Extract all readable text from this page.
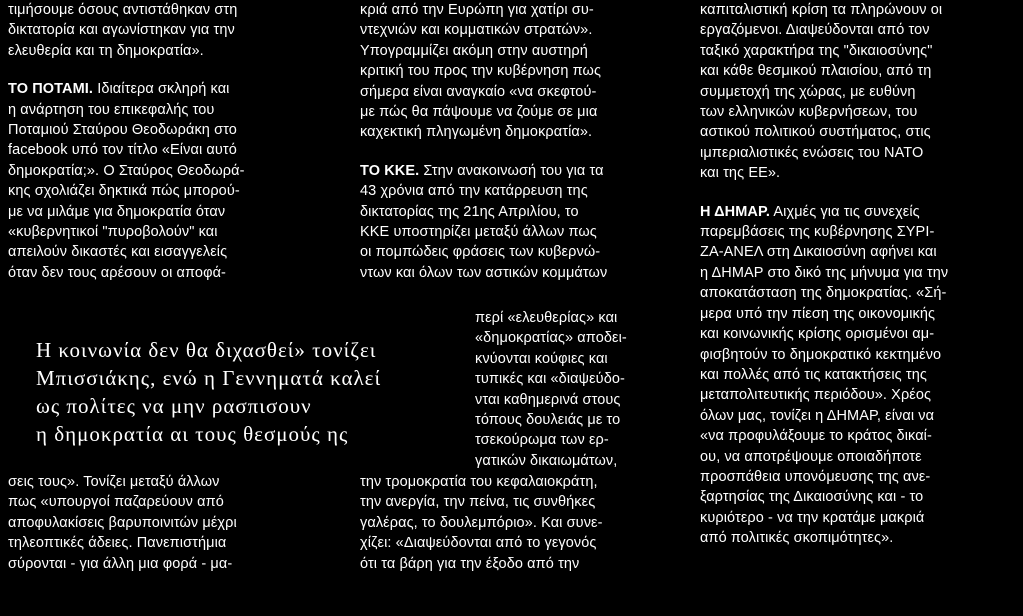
τιμήσουμε όσους αντιστάθηκαν στη
δικτατορία και αγωνίστηκαν για την
ελευθερία και τη δημοκρατία».
ΤΟ ΠΟΤΑΜΙ. Ιδιαίτερα σκληρή και
η ανάρτηση του επικεφαλής του
Ποταμιού Σταύρου Θεοδωράκη στο
facebook υπό τον τίτλο «Είναι αυτό
δημοκρατία;». Ο Σταύρος Θεοδωρά-
κης σχολιάζει δηκτικά πώς μπορού-
με να μιλάμε για δημοκρατία όταν
«κυβερνητικοί "πυροβολούν" και
απειλούν δικαστές και εισαγγελείς
όταν δεν τους αρέσουν οι αποφά-
σεις τους». Τονίζει μεταξύ άλλων
πως «υπουργοί παζαρεύουν από
αποφυλακίσεις βαρυποινιτών μέχρι
τηλεοπτικές άδειες. Πανεπιστήμια
σύρονται - για άλλη μια φορά - μα-
Η κοινωνία δεν θα διχασθεί» τονίζει
Μπισσιάκης, ενώ η Γεννηματά καλεί
ως πολίτες να μην ρασπισουν
η δημοκρατία αι τους θεσμούς ης
κριά από την Ευρώπη για χατίρι συ-
ντεχνιών και κομματικών στρατών».
Υπογραμμίζει ακόμη στην αυστηρή
κριτική του προς την κυβέρνηση πως
σήμερα είναι αναγκαίο «να σκεφτού-
με πώς θα πάψουμε να ζούμε σε μια
καχεκτική πληγωμένη δημοκρατία».
ΤΟ ΚΚΕ. Στην ανακοινωσή του για τα
43 χρόνια από την κατάρρευση της
δικτατορίας της 21ης Απριλίου, το
ΚΚΕ υποστηρίζει μεταξύ άλλων πως
οι πομπώδεις φράσεις των κυβερνώ-
ντων και όλων των αστικών κομμάτων
περί «ελευθερίας» και
«δημοκρατίας» αποδει-
κνύονται κούφιες και
τυπικές και «διαψεύδο-
νται καθημερινά στους
τόπους δουλειάς με το
τσεκούρωμα των ερ-
γατικών δικαιωμάτων,
την τρομοκρατία του κεφαλαιοκράτη,
την ανεργία, την πείνα, τις συνθήκες
γαλέρας, το δουλεμπόριο». Και συνε-
χίζει: «Διαψεύδονται από το γεγονός
ότι τα βάρη για την έξοδο από την
καπιταλιστική κρίση τα πληρώνουν οι
εργαζόμενοι. Διαψεύδονται από τον
ταξικό χαρακτήρα της "δικαιοσύνης"
και κάθε θεσμικού πλαισίου, από τη
συμμετοχή της χώρας, με ευθύνη
των ελληνικών κυβερνήσεων, του
αστικού πολιτικού συστήματος, στις
ιμπεριαλιστικές ενώσεις του ΝΑΤΟ
και της ΕΕ».
Η ΔΗΜΑΡ. Αιχμές για τις συνεχείς
παρεμβάσεις της κυβέρνησης ΣΥΡΙ-
ΖΑ-ΑΝΕΛ στη Δικαιοσύνη αφήνει και
η ΔΗΜΑΡ στο δικό της μήνυμα για την
αποκατάσταση της δημοκρατίας. «Σή-
μερα υπό την πίεση της οικονομικής
και κοινωνικής κρίσης ορισμένοι αμ-
φισβητούν το δημοκρατικό κεκτημένο
και πολλές από τις κατακτήσεις της
μεταπολιτευτικής περιόδου». Χρέος
όλων μας, τονίζει η ΔΗΜΑΡ, είναι να
«να προφυλάξουμε το κράτος δικαί-
ου, να αποτρέψουμε οποιαδήποτε
προσπάθεια υπονόμευσης της ανε-
ξαρτησίας της Δικαιοσύνης και - το
κυριότερο - να την κρατάμε μακριά
από πολιτικές σκοπιμότητες».
